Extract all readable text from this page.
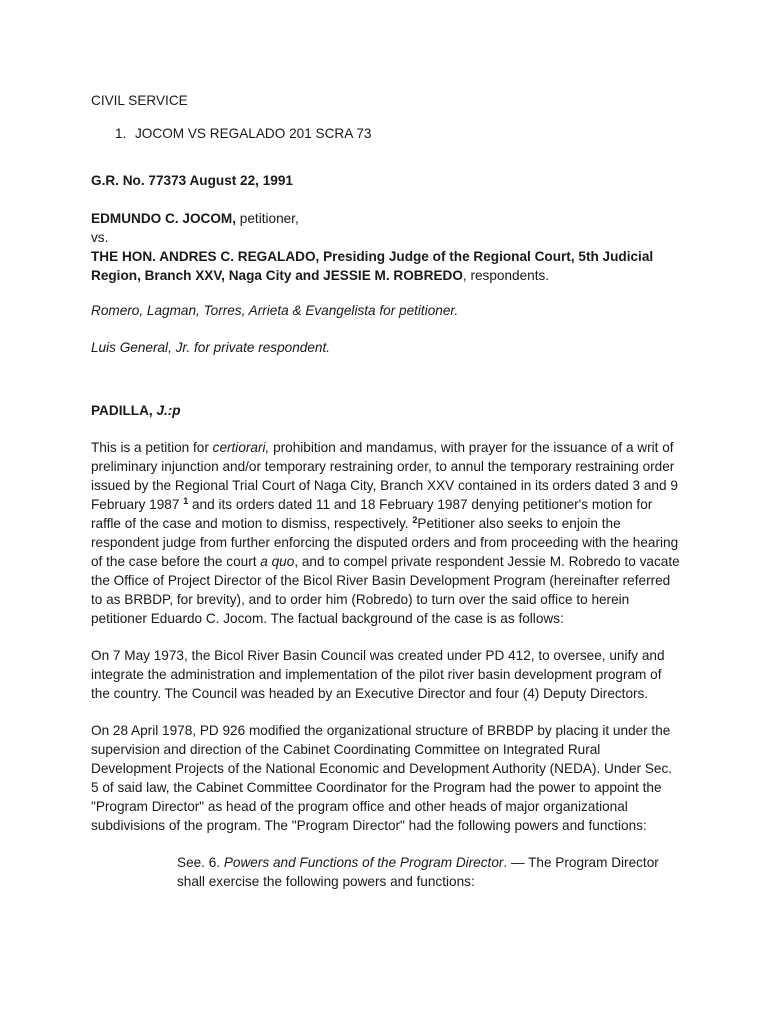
CIVIL SERVICE

1. JOCOM VS REGALADO 201 SCRA 73

G.R. No. 77373 August 22, 1991

EDMUNDO C. JOCOM, petitioner,
vs.
THE HON. ANDRES C. REGALADO, Presiding Judge of the Regional Court, 5th Judicial Region, Branch XXV, Naga City and JESSIE M. ROBREDO, respondents.

Romero, Lagman, Torres, Arrieta & Evangelista for petitioner.

Luis General, Jr. for private respondent.

PADILLA, J.:p

This is a petition for certiorari, prohibition and mandamus, with prayer for the issuance of a writ of preliminary injunction and/or temporary restraining order, to annul the temporary restraining order issued by the Regional Trial Court of Naga City, Branch XXV contained in its orders dated 3 and 9 February 1987 $^1$ and its orders dated 11 and 18 February 1987 denying petitioner's motion for raffle of the case and motion to dismiss, respectively. $^2$Petitioner also seeks to enjoin the respondent judge from further enforcing the disputed orders and from proceeding with the hearing of the case before the court a quo, and to compel private respondent Jessie M. Robredo to vacate the Office of Project Director of the Bicol River Basin Development Program (hereinafter referred to as BRBDP, for brevity), and to order him (Robredo) to turn over the said office to herein petitioner Eduardo C. Jocom. The factual background of the case is as follows:

On 7 May 1973, the Bicol River Basin Council was created under PD 412, to oversee, unify and integrate the administration and implementation of the pilot river basin development program of the country. The Council was headed by an Executive Director and four (4) Deputy Directors.

On 28 April 1978, PD 926 modified the organizational structure of BRBDP by placing it under the supervision and direction of the Cabinet Coordinating Committee on Integrated Rural Development Projects of the National Economic and Development Authority (NEDA). Under Sec. 5 of said law, the Cabinet Committee Coordinator for the Program had the power to appoint the "Program Director" as head of the program office and other heads of major organizational subdivisions of the program. The "Program Director" had the following powers and functions:

See. 6. Powers and Functions of the Program Director. — The Program Director shall exercise the following powers and functions:
